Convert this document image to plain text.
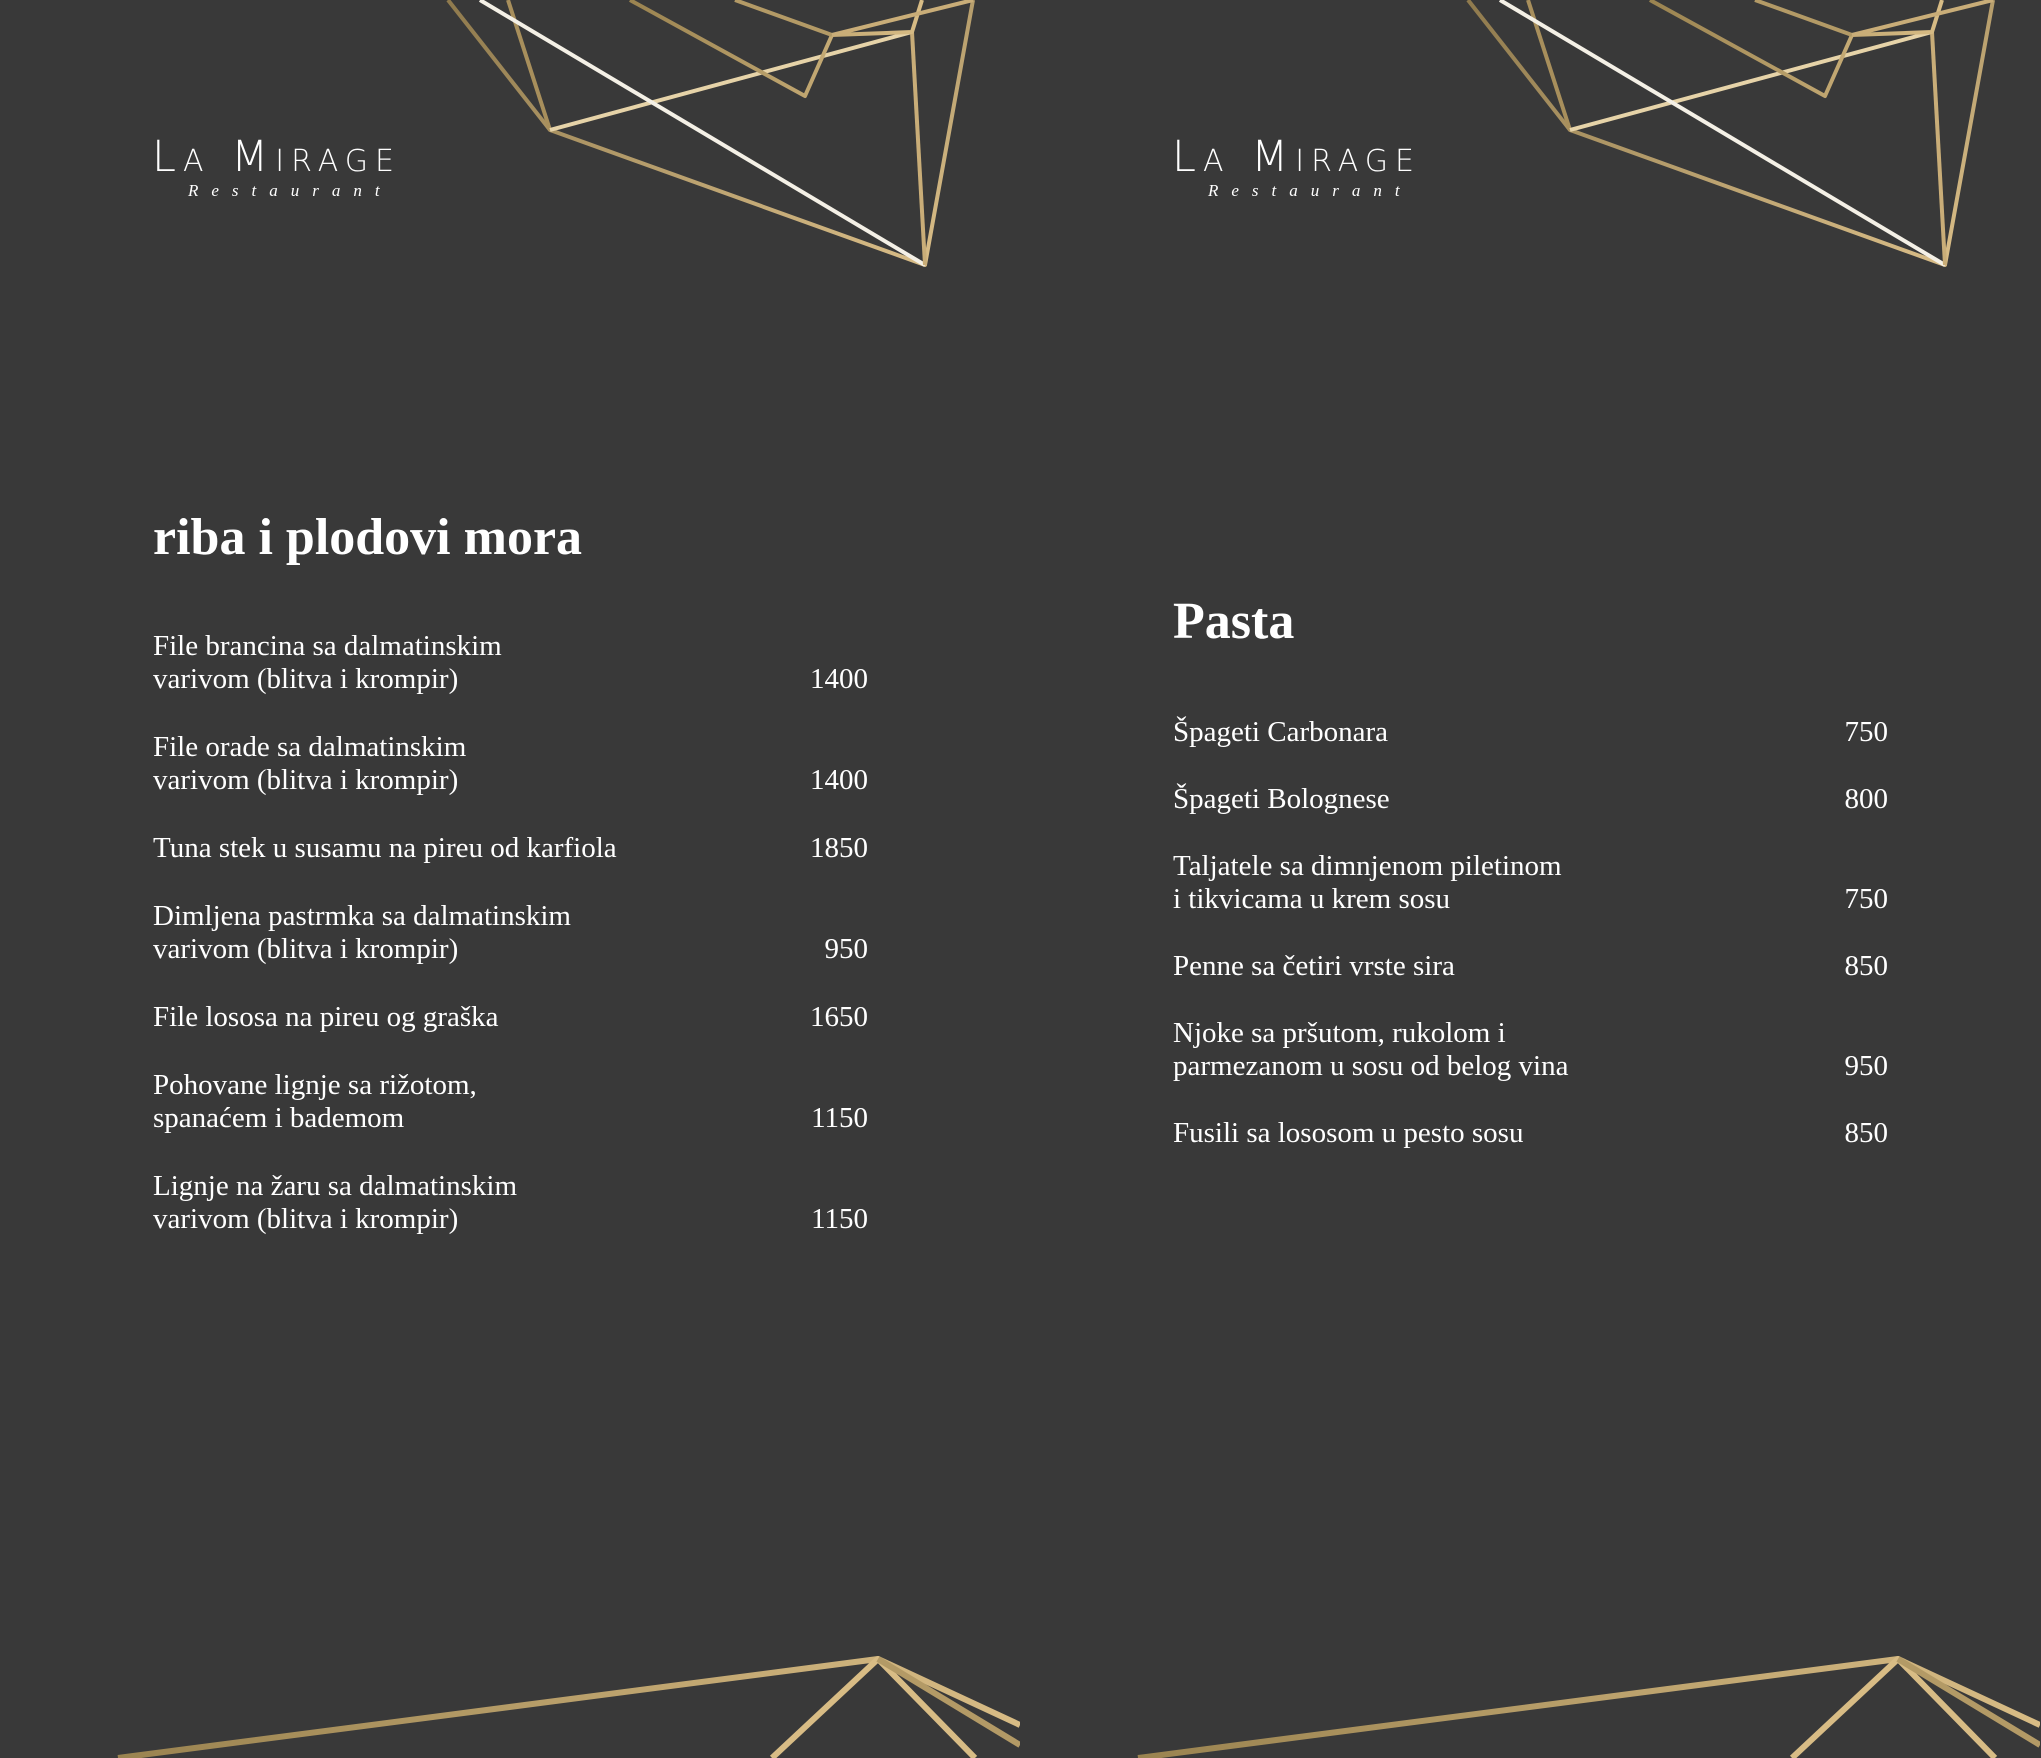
La Mirage
Restaurant
riba i plodovi mora
File brancina sa dalmatinskim
varivom (blitva i krompir)	1400
File orade sa dalmatinskim
varivom (blitva i krompir)	1400
Tuna stek u susamu na pireu od karfiola	1850
Dimljena pastrmka sa dalmatinskim
varivom (blitva i krompir)	950
File lososa na pireu og graška	1650
Pohovane lignje sa rižotom,
spanaćem i bademom	1150
Lignje na žaru sa dalmatinskim
varivom (blitva i krompir)	1150
La Mirage
Restaurant
Pasta
Špageti Carbonara	750
Špageti Bolognese	800
Taljatele sa dimnjenom piletinom
i tikvicama u krem sosu	750
Penne sa četiri vrste sira	850
Njoke sa pršutom, rukolom i
parmezanom u sosu od belog vina	950
Fusili sa lososom u pesto sosu	850
